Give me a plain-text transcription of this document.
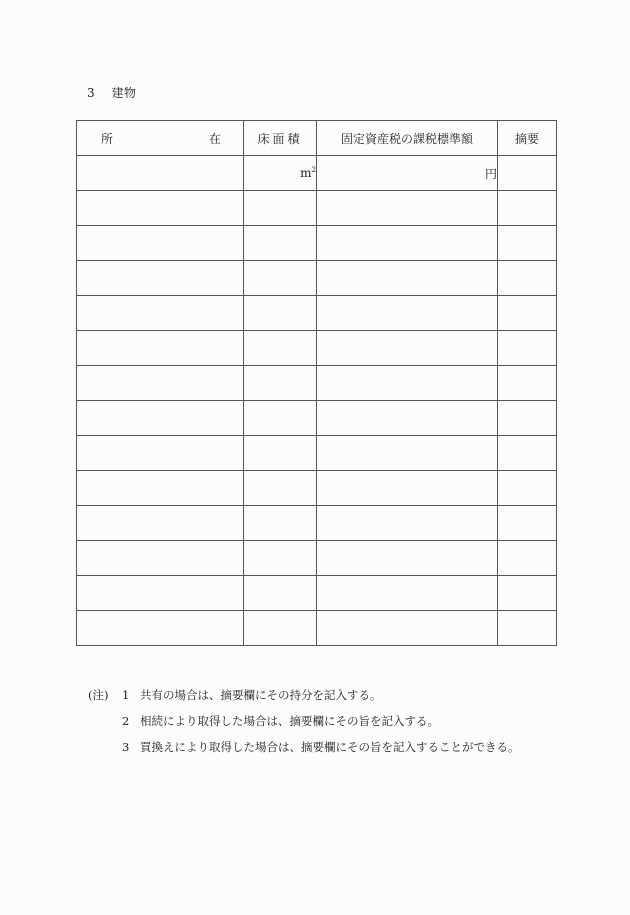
3 建物
所 在	床面積	固定資産税の課税標準額	摘要
	$m^2$	円	

(注)	1 共有の場合は、摘要欄にその持分を記入する。
2 相続により取得した場合は、摘要欄にその旨を記入する。
3 買換えにより取得した場合は、摘要欄にその旨を記入することができる。
